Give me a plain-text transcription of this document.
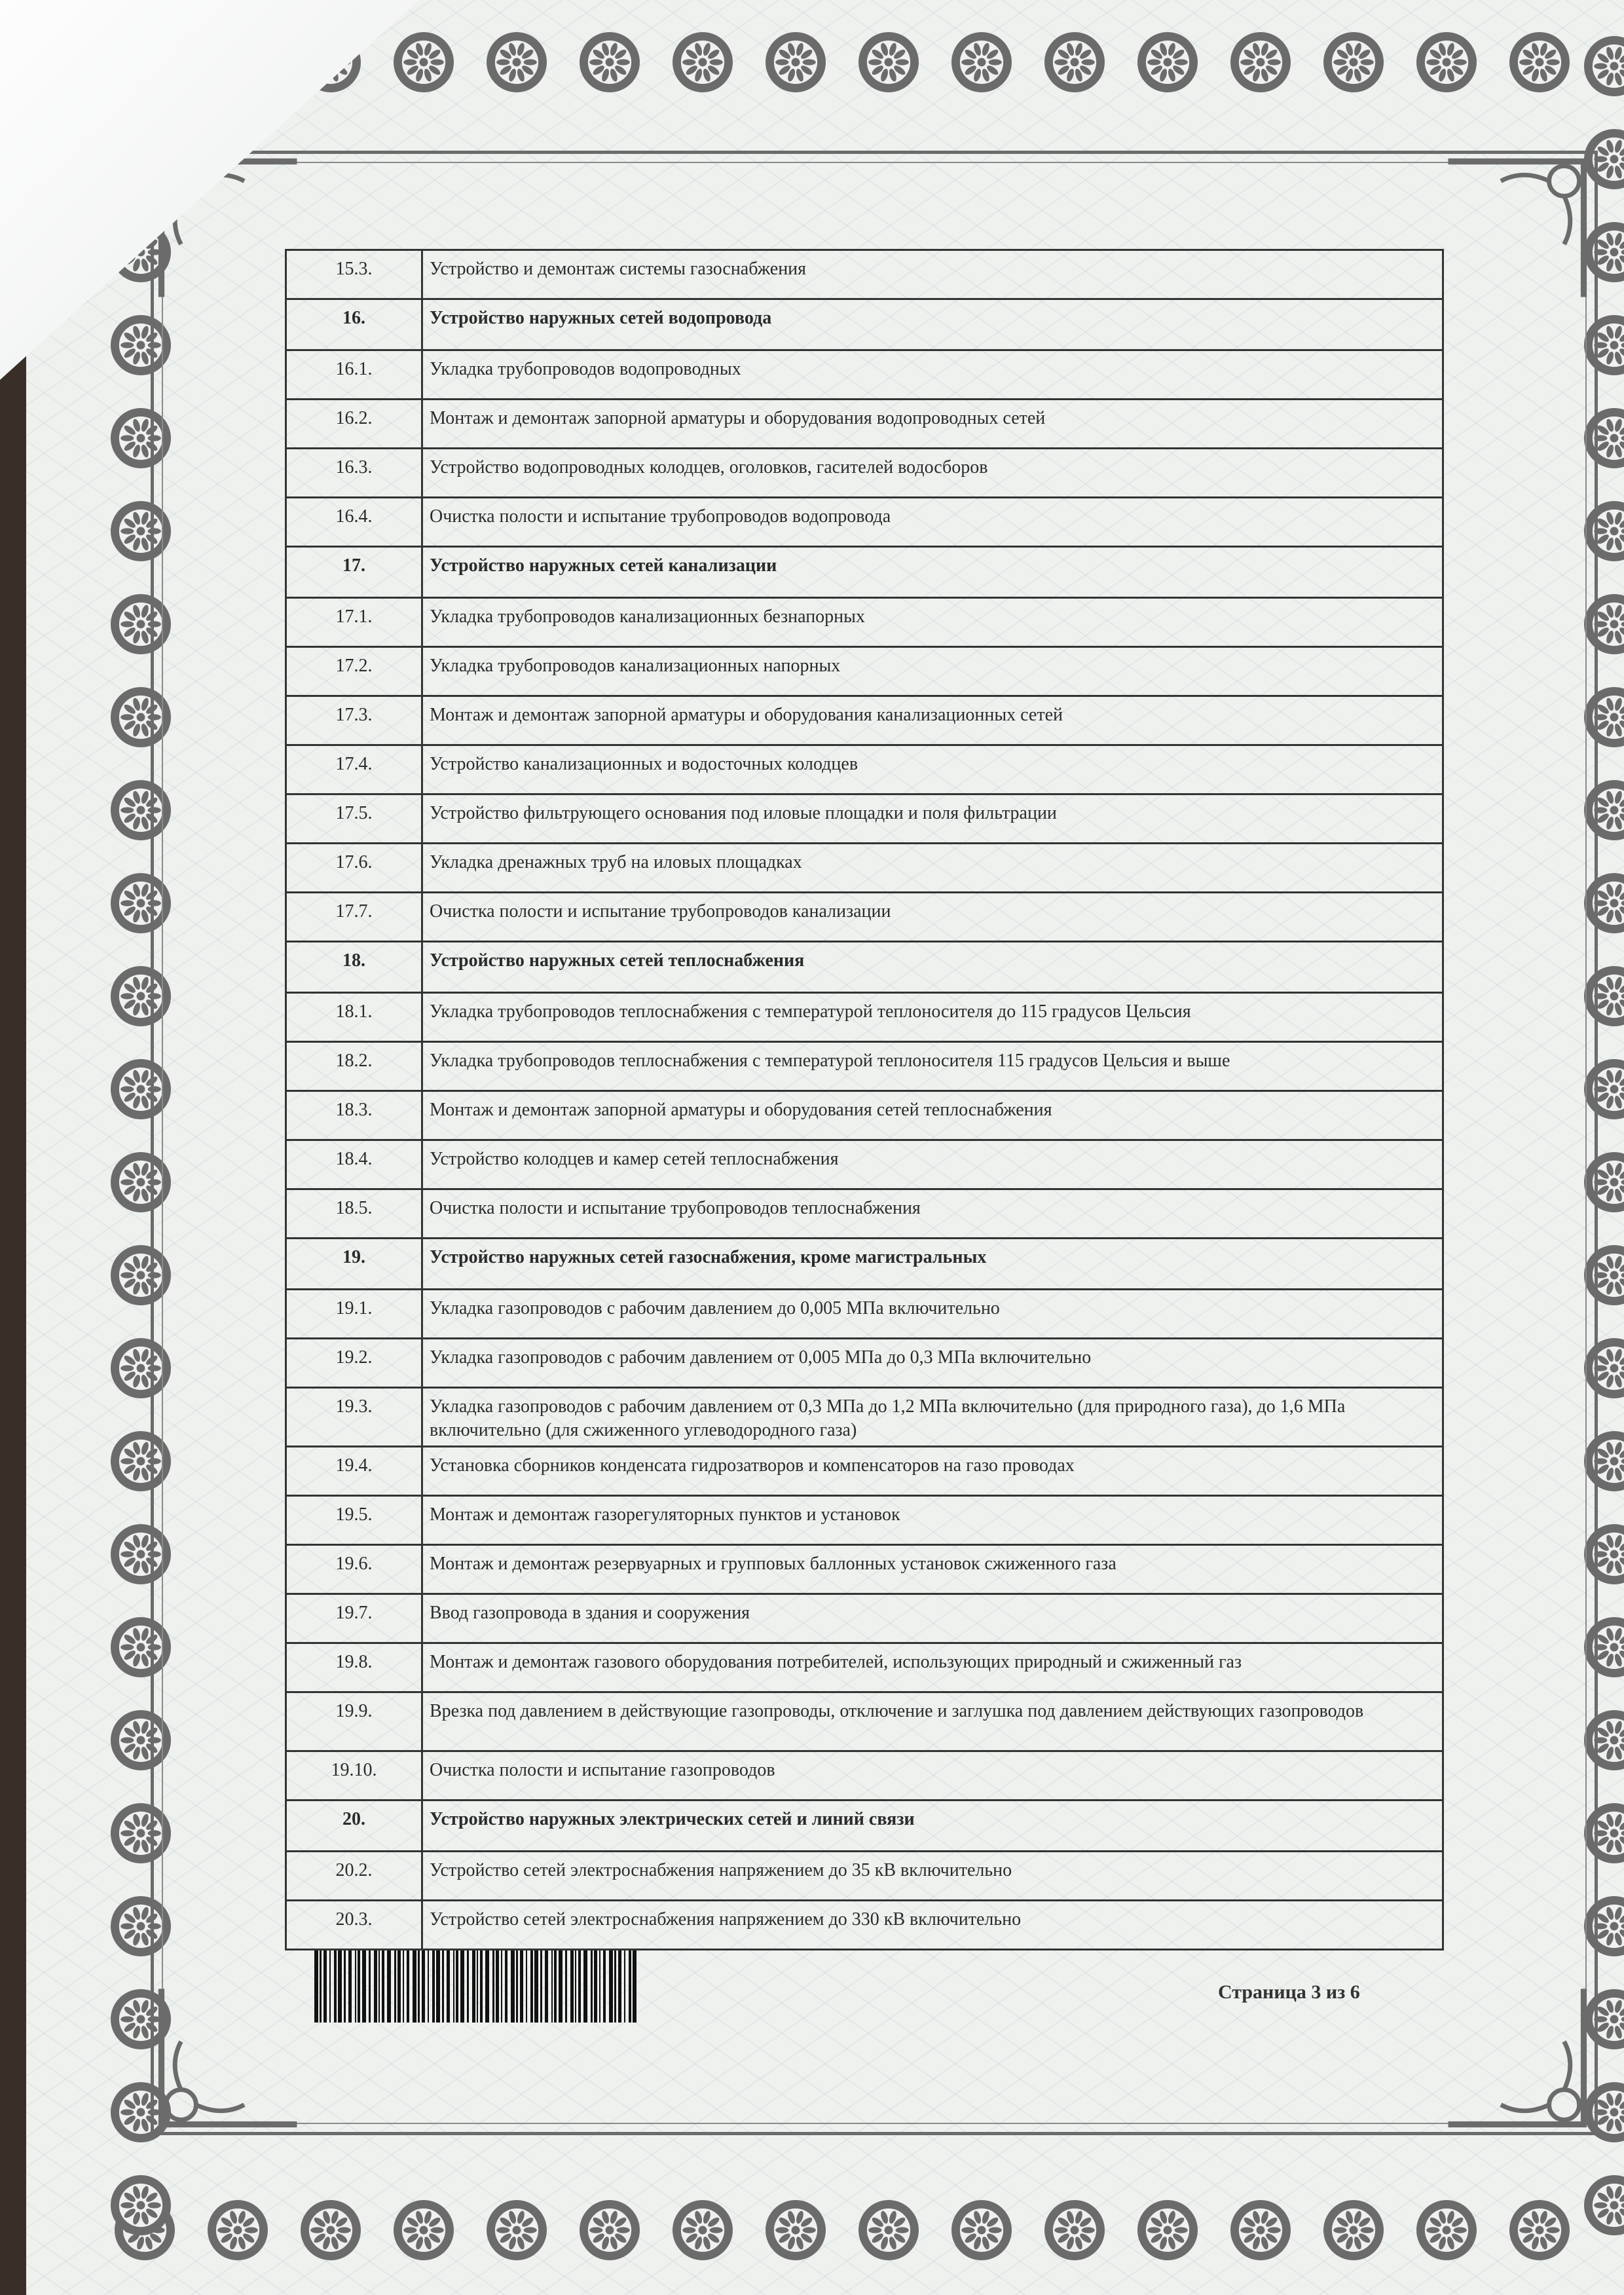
15.3.	Устройство и демонтаж системы газоснабжения
16.	Устройство наружных сетей водопровода
16.1.	Укладка трубопроводов водопроводных
16.2.	Монтаж и демонтаж запорной арматуры и оборудования водопроводных сетей
16.3.	Устройство водопроводных колодцев, оголовков, гасителей водосборов
16.4.	Очистка полости и испытание трубопроводов водопровода
17.	Устройство наружных сетей канализации
17.1.	Укладка трубопроводов канализационных безнапорных
17.2.	Укладка трубопроводов канализационных напорных
17.3.	Монтаж и демонтаж запорной арматуры и оборудования канализационных сетей
17.4.	Устройство канализационных и водосточных колодцев
17.5.	Устройство фильтрующего основания под иловые площадки и поля фильтрации
17.6.	Укладка дренажных труб на иловых площадках
17.7.	Очистка полости и испытание трубопроводов канализации
18.	Устройство наружных сетей теплоснабжения
18.1.	Укладка трубопроводов теплоснабжения с температурой теплоносителя до 115 градусов Цельсия
18.2.	Укладка трубопроводов теплоснабжения с температурой теплоносителя 115 градусов Цельсия и выше
18.3.	Монтаж и демонтаж запорной арматуры и оборудования сетей теплоснабжения
18.4.	Устройство колодцев и камер сетей теплоснабжения
18.5.	Очистка полости и испытание трубопроводов теплоснабжения
19.	Устройство наружных сетей газоснабжения, кроме магистральных
19.1.	Укладка газопроводов с рабочим давлением до 0,005 МПа включительно
19.2.	Укладка газопроводов с рабочим давлением от 0,005 МПа до 0,3 МПа включительно
19.3.	Укладка газопроводов с рабочим давлением от 0,3 МПа до 1,2 МПа включительно (для природного газа), до 1,6 МПа включительно (для сжиженного углеводородного газа)
19.4.	Установка сборников конденсата гидрозатворов и компенсаторов на газо проводах
19.5.	Монтаж и демонтаж газорегуляторных пунктов и установок
19.6.	Монтаж и демонтаж резервуарных и групповых баллонных установок сжиженного газа
19.7.	Ввод газопровода в здания и сооружения
19.8.	Монтаж и демонтаж газового оборудования потребителей, использующих природный и сжиженный газ
19.9.	Врезка под давлением в действующие газопроводы, отключение и заглушка под давлением действующих газопроводов
19.10.	Очистка полости и испытание газопроводов
20.	Устройство наружных электрических сетей и линий связи
20.2.	Устройство сетей электроснабжения напряжением до 35 кВ включительно
20.3.	Устройство сетей электроснабжения напряжением до 330 кВ включительно
Страница 3 из 6
